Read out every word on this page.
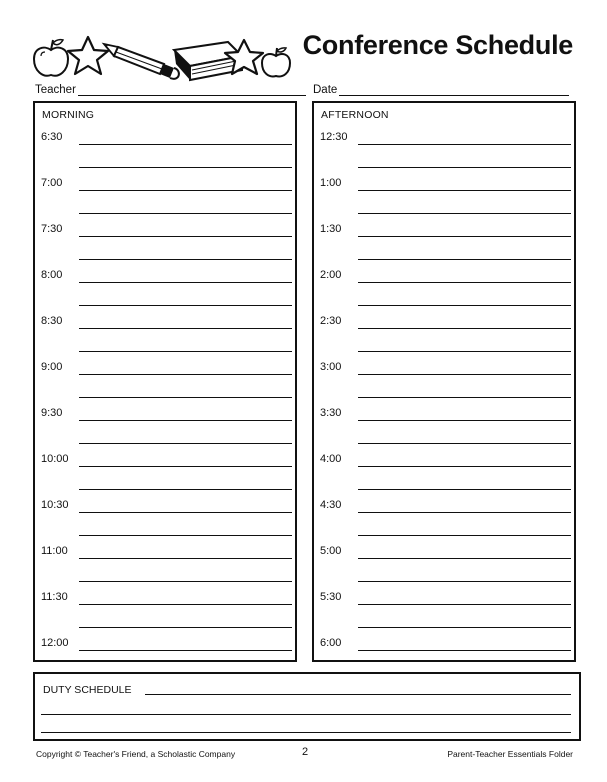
Conference Schedule
Teacher	Date
MORNING
6:30
7:00
7:30
8:00
8:30
9:00
9:30
10:00
10:30
11:00
11:30
12:00
AFTERNOON
12:30
1:00
1:30
2:00
2:30
3:00
3:30
4:00
4:30
5:00
5:30
6:00
DUTY SCHEDULE
Copyright © Teacher's Friend, a Scholastic Company	2	Parent-Teacher Essentials Folder
